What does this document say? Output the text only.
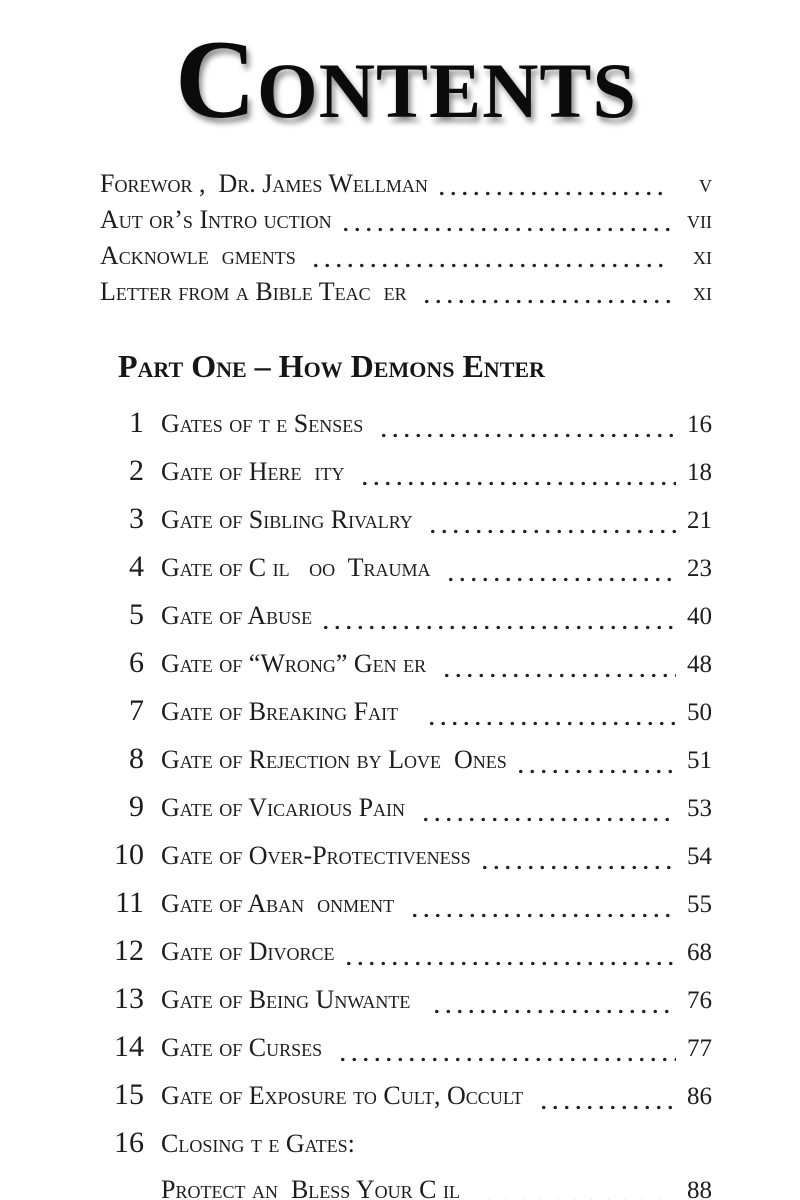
Contents
Forewor ,  Dr. James Wellman	v
Aut or’s Intro uction	vii
Acknowle  gments	xi
Letter from a Bible Teac  er	xi
Part One – How Demons Enter
1 Gates of t e Senses	16
2 Gate of Here  ity	18
3 Gate of Sibling Rivalry	21
4 Gate of C il   oo  Trauma	23
5 Gate of Abuse	40
6 Gate of “Wrong” Gen er	48
7 Gate of Breaking Fait	50
8 Gate of Rejection by Love  Ones	51
9 Gate of Vicarious Pain	53
10 Gate of Over-Protectiveness	54
11 Gate of Aban  onment	55
12 Gate of Divorce	68
13 Gate of Being Unwante	76
14 Gate of Curses	77
15 Gate of Exposure to Cult, Occult	86
16 Closing t e Gates:
Protect an  Bless Your C il	88
